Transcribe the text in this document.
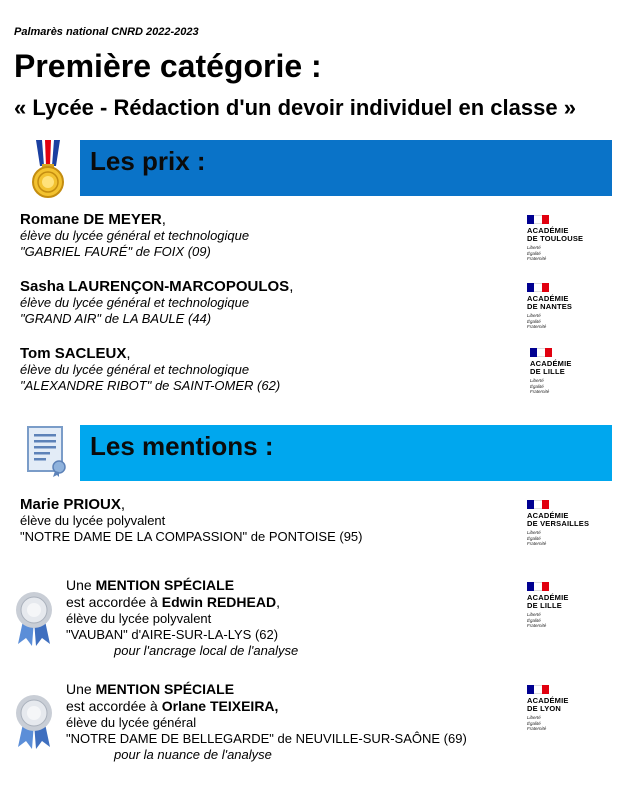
Palmarès national CNRD 2022-2023
Première catégorie :
« Lycée - Rédaction d'un devoir individuel en classe »
Les prix :
Romane DE MEYER,
élève du lycée général et technologique
"GABRIEL FAURÉ" de FOIX (09)
ACADÉMIE
DE TOULOUSE
Liberté
Égalité
Fraternité
Sasha LAURENÇON-MARCOPOULOS,
élève du lycée général et technologique
"GRAND AIR" de LA BAULE (44)
ACADÉMIE
DE NANTES
Liberté
Égalité
Fraternité
Tom SACLEUX,
élève du lycée général et technologique
"ALEXANDRE RIBOT" de SAINT-OMER (62)
ACADÉMIE
DE LILLE
Liberté
Égalité
Fraternité
Les mentions :
Marie PRIOUX,
élève du lycée polyvalent
"NOTRE DAME DE LA COMPASSION" de PONTOISE (95)
ACADÉMIE
DE VERSAILLES
Liberté
Égalité
Fraternité
Une MENTION SPÉCIALE
est accordée à Edwin REDHEAD,
élève du lycée polyvalent
"VAUBAN" d'AIRE-SUR-LA-LYS (62)
pour l'ancrage local de l'analyse
ACADÉMIE
DE LILLE
Liberté
Égalité
Fraternité
Une MENTION SPÉCIALE
est accordée à Orlane TEIXEIRA,
élève du lycée général
"NOTRE DAME DE BELLEGARDE" de NEUVILLE-SUR-SAÔNE (69)
pour la nuance de l'analyse
ACADÉMIE
DE LYON
Liberté
Égalité
Fraternité
